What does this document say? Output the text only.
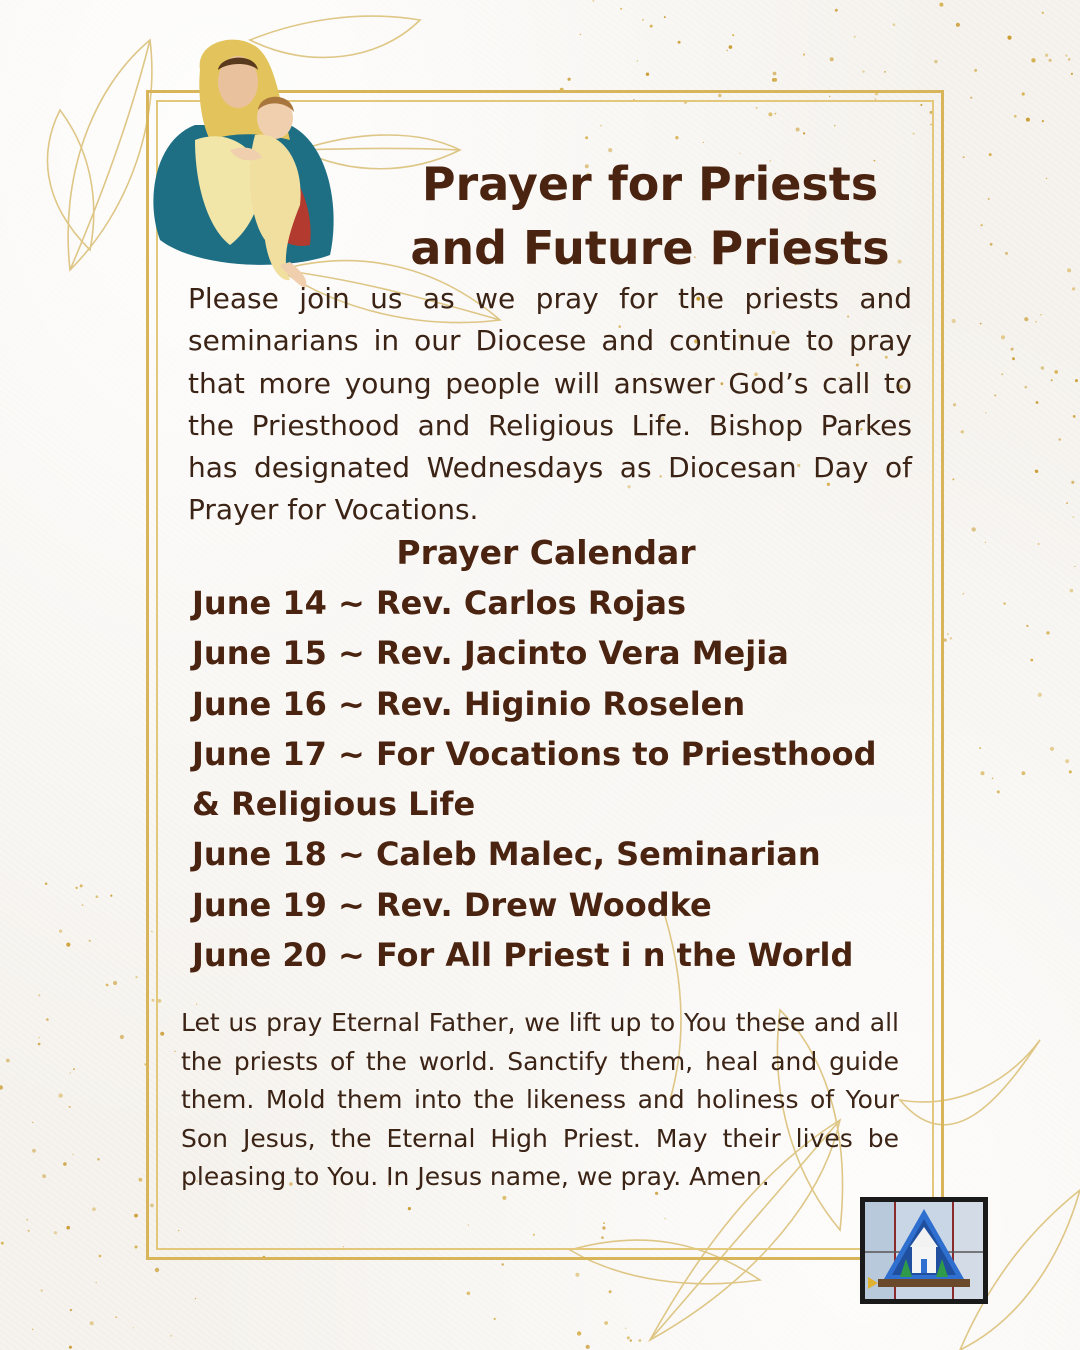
Prayer for Priests and Future Priests

Please join us as we pray for the priests and seminarians in our Diocese and continue to pray that more young people will answer God’s call to the Priesthood and Religious Life. Bishop Parkes has designated Wednesdays as Diocesan Day of Prayer for Vocations.

Prayer Calendar
June 14 ~ Rev. Carlos Rojas
June 15 ~ Rev. Jacinto Vera Mejia
June 16 ~ Rev. Higinio Roselen
June 17 ~ For Vocations to Priesthood & Religious Life
June 18 ~ Caleb Malec, Seminarian
June 19 ~ Rev. Drew Woodke
June 20 ~ For All Priest i n the World

Let us pray Eternal Father, we lift up to You these and all the priests of the world. Sanctify them, heal and guide them. Mold them into the likeness and holiness of Your Son Jesus, the Eternal High Priest. May their lives be pleasing to You. In Jesus name, we pray. Amen.
